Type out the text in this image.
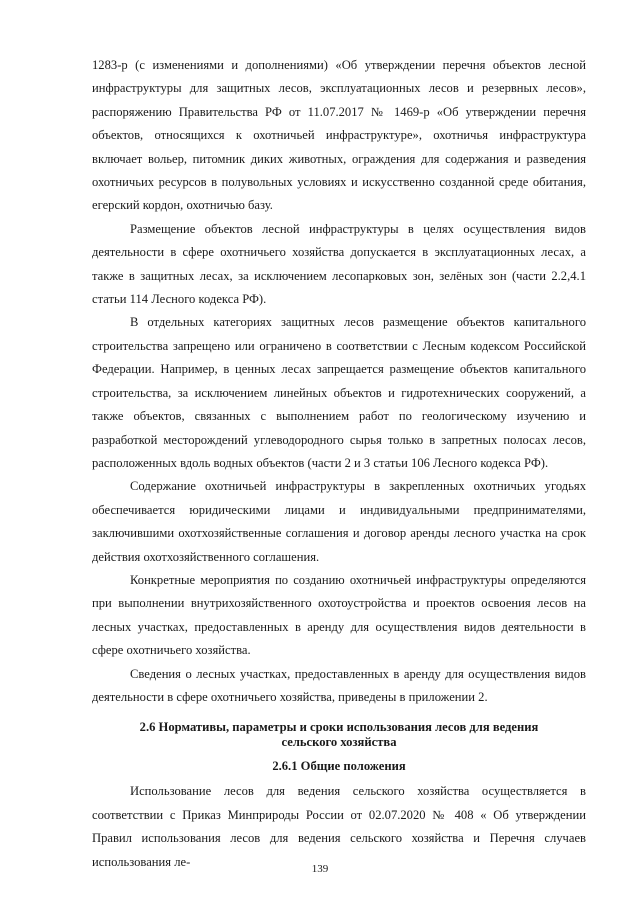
1283-р (с изменениями и дополнениями) «Об утверждении перечня объектов лесной инфраструктуры для защитных лесов, эксплуатационных лесов и резервных лесов», распоряжению Правительства РФ от 11.07.2017 № 1469-р «Об утверждении перечня объектов, относящихся к охотничьей инфраструктуре», охотничья инфраструктура включает вольер, питомник диких животных, ограждения для содержания и разведения охотничьих ресурсов в полувольных условиях и искусственно созданной среде обитания, егерский кордон, охотничью базу.

Размещение объектов лесной инфраструктуры в целях осуществления видов деятельности в сфере охотничьего хозяйства допускается в эксплуатационных лесах, а также в защитных лесах, за исключением лесопарковых зон, зелёных зон (части 2.2,4.1 статьи 114 Лесного кодекса РФ).

В отдельных категориях защитных лесов размещение объектов капитального строительства запрещено или ограничено в соответствии с Лесным кодексом Российской Федерации. Например, в ценных лесах запрещается размещение объектов капитального строительства, за исключением линейных объектов и гидротехнических сооружений, а также объектов, связанных с выполнением работ по геологическому изучению и разработкой месторождений углеводородного сырья только в запретных полосах лесов, расположенных вдоль водных объектов (части 2 и 3 статьи 106 Лесного кодекса РФ).

Содержание охотничьей инфраструктуры в закрепленных охотничьих угодьях обеспечивается юридическими лицами и индивидуальными предпринимателями, заключившими охотхозяйственные соглашения и договор аренды лесного участка на срок действия охотхозяйственного соглашения.

Конкретные мероприятия по созданию охотничьей инфраструктуры определяются при выполнении внутрихозяйственного охотоустройства и проектов освоения лесов на лесных участках, предоставленных в аренду для осуществления видов деятельности в сфере охотничьего хозяйства.

Сведения о лесных участках, предоставленных в аренду для осуществления видов деятельности в сфере охотничьего хозяйства, приведены в приложении 2.

2.6 Нормативы, параметры и сроки использования лесов для ведения
сельского хозяйства
2.6.1 Общие положения

Использование лесов для ведения сельского хозяйства осуществляется в соответствии с Приказ Минприроды России от 02.07.2020 № 408 « Об утверждении Правил использования лесов для ведения сельского хозяйства и Перечня случаев использования ле-

139
